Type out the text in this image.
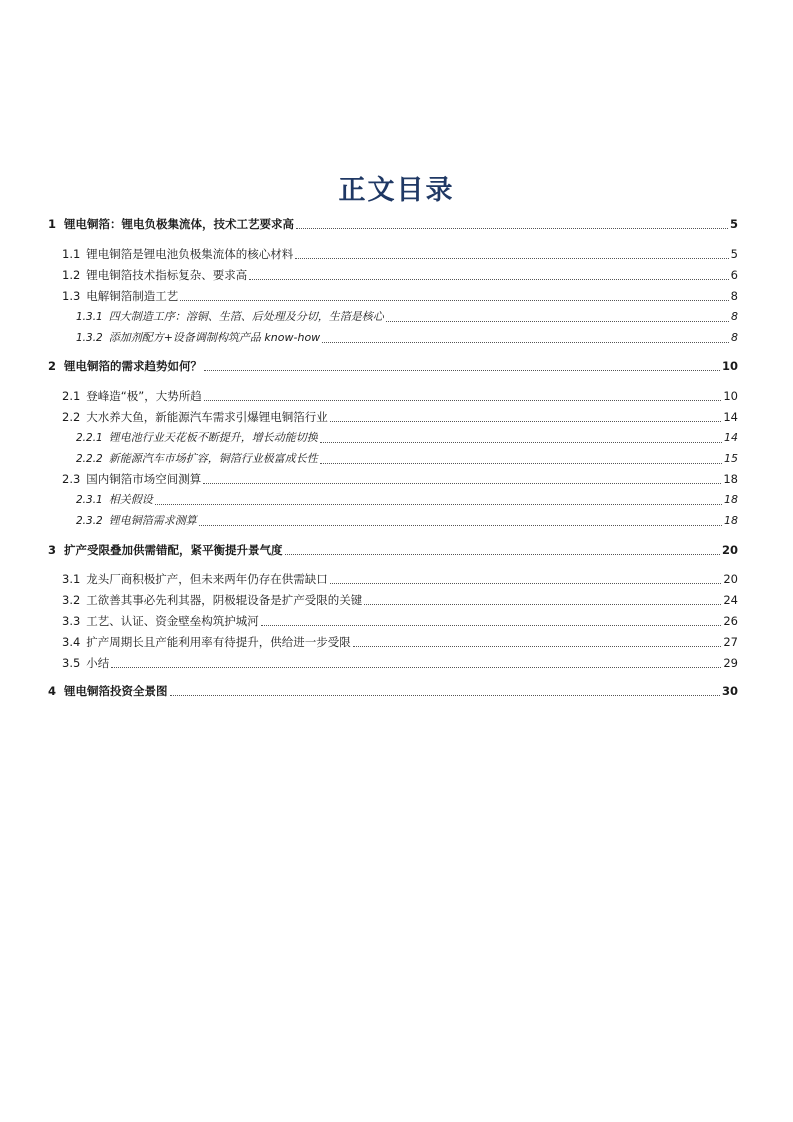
正文目录
1 锂电铜箔：锂电负极集流体，技术工艺要求高	5
1.1 锂电铜箔是锂电池负极集流体的核心材料	5
1.2 锂电铜箔技术指标复杂、要求高	6
1.3 电解铜箔制造工艺	8
1.3.1 四大制造工序：溶铜、生箔、后处理及分切，生箔是核心	8
1.3.2 添加剂配方+设备调制构筑产品 know-how	8
2 锂电铜箔的需求趋势如何？	10
2.1 登峰造“极”，大势所趋	10
2.2 大水养大鱼，新能源汽车需求引爆锂电铜箔行业	14
2.2.1 锂电池行业天花板不断提升，增长动能切换	14
2.2.2 新能源汽车市场扩容，铜箔行业极富成长性	15
2.3 国内铜箔市场空间测算	18
2.3.1 相关假设	18
2.3.2 锂电铜箔需求测算	18
3 扩产受限叠加供需错配，紧平衡提升景气度	20
3.1 龙头厂商积极扩产，但未来两年仍存在供需缺口	20
3.2 工欲善其事必先利其器，阴极辊设备是扩产受限的关键	24
3.3 工艺、认证、资金壁垒构筑护城河	26
3.4 扩产周期长且产能利用率有待提升，供给进一步受限	27
3.5 小结	29
4 锂电铜箔投资全景图	30
